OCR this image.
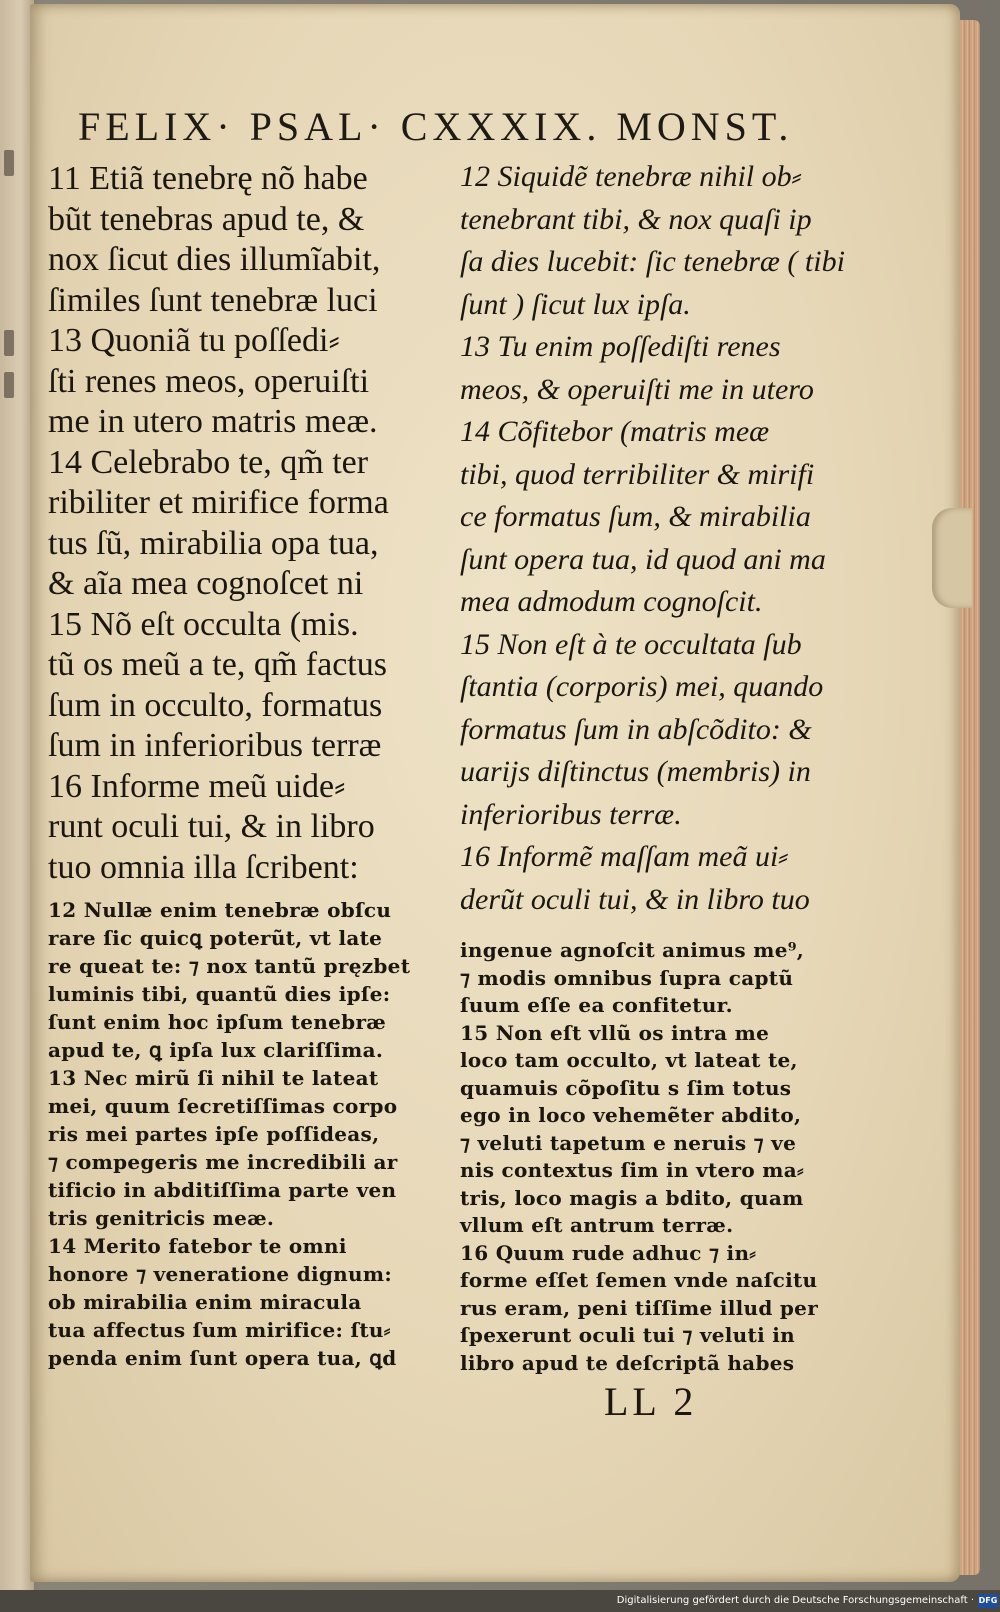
FELIX· PSAL· CXXXIX. MONST.
11 Etiã tenebrę nõ habe
bũt tenebras apud te, &
nox ſicut dies illumĩabit,
ſimiles ſunt tenebræ luci
13 Quoniã tu poſſedi⸗
ſti renes meos, operuiſti
me in utero matris meæ.
14 Celebrabo te, qm̃ ter
ribiliter et mirifice forma
tus ſũ, mirabilia opa tua,
& aĩa mea cognoſcet ni
15 Nõ eſt occulta (mis.
tũ os meũ a te, qm̃ factus
ſum in occulto, formatus
ſum in inferioribus terræ
16 Informe meũ uide⸗
runt oculi tui, & in libro
tuo omnia illa ſcribent:
12 Siquidẽ tenebræ nihil ob⸗
tenebrant tibi, & nox quaſi ip
ſa dies lucebit: ſic tenebræ ( tibi
ſunt ) ſicut lux ipſa.
13 Tu enim poſſediſti renes
meos, & operuiſti me in utero
14 Cõfitebor (matris meæ
tibi, quod terribiliter & mirifi
ce formatus ſum, & mirabilia
ſunt opera tua, id quod ani ma
mea admodum cognoſcit.
15 Non eſt à te occultata ſub
ſtantia (corporis) mei, quando
formatus ſum in abſcõdito: &
uarijs diſtinctus (membris) in
inferioribus terræ.
16 Informẽ maſſam meã ui⸗
derũt oculi tui, & in libro tuo
12 Nullæ enim tenebræ obſcu
rare ſic quicꝗ poterũt, vt late
re queat te: ⁊ nox tantũ pręzbet
luminis tibi, quantũ dies ipſe:
ſunt enim hoc ipſum tenebræ
apud te, ꝗ ipſa lux clariſſima.
13 Nec mirũ ſi nihil te lateat
mei, quum ſecretiſſimas corpo
ris mei partes ipſe poſſideas,
⁊ compegeris me incredibili ar
tificio in abditiſſima parte ven
tris genitricis meæ.
14 Merito fatebor te omni
honore ⁊ veneratione dignum:
ob mirabilia enim miracula
tua affectus ſum mirifice: ſtu⸗
penda enim ſunt opera tua, ꝗd
ingenue agnoſcit animus me⁹,
⁊ modis omnibus ſupra captũ
ſuum eſſe ea confitetur.
15 Non eſt vllũ os intra me
loco tam occulto, vt lateat te,
quamuis cõpoſitu s ſim totus
ego in loco vehemẽter abdito,
⁊ veluti tapetum e neruis ⁊ ve
nis contextus ſim in vtero ma⸗
tris, loco magis a bdito, quam
vllum eſt antrum terræ.
16 Quum rude adhuc ⁊ in⸗
forme eſſet ſemen vnde naſcitu
rus eram, peni tiſſime illud per
ſpexerunt oculi tui ⁊ veluti in
libro apud te deſcriptã habes
LL 2
Digitalisierung gefördert durch die Deutsche Forschungsgemeinschaft · DFG
